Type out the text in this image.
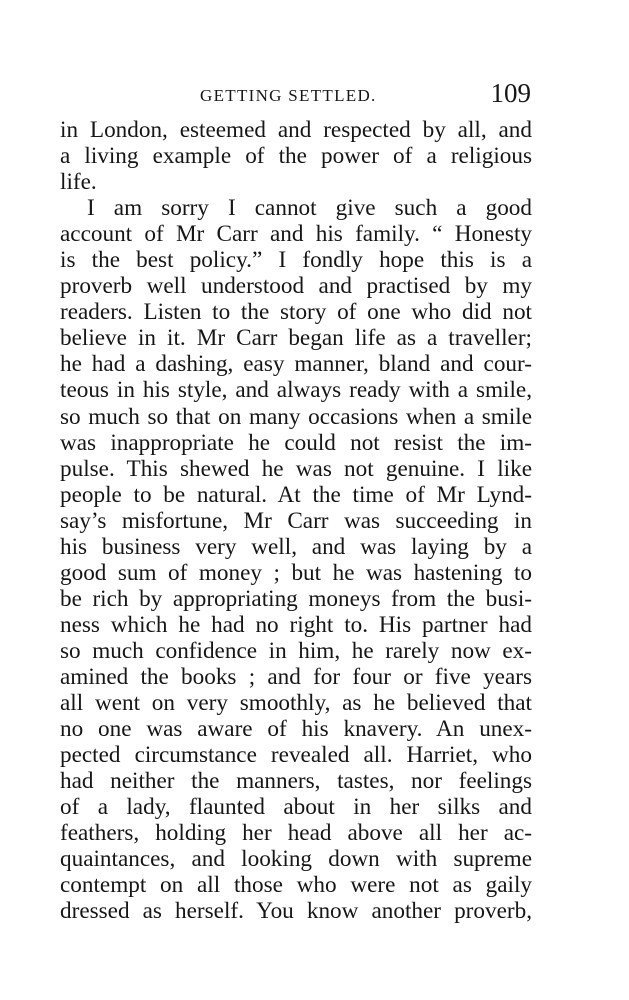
GETTING SETTLED.	109
in London, esteemed and respected by all, and
a living example of the power of a religious
life.
I am sorry I cannot give such a good
account of Mr Carr and his family. “ Honesty
is the best policy.” I fondly hope this is a
proverb well understood and practised by my
readers. Listen to the story of one who did not
believe in it. Mr Carr began life as a traveller;
he had a dashing, easy manner, bland and cour-
teous in his style, and always ready with a smile,
so much so that on many occasions when a smile
was inappropriate he could not resist the im-
pulse. This shewed he was not genuine. I like
people to be natural. At the time of Mr Lynd-
say’s misfortune, Mr Carr was succeeding in
his business very well, and was laying by a
good sum of money ; but he was hastening to
be rich by appropriating moneys from the busi-
ness which he had no right to. His partner had
so much confidence in him, he rarely now ex-
amined the books ; and for four or five years
all went on very smoothly, as he believed that
no one was aware of his knavery. An unex-
pected circumstance revealed all. Harriet, who
had neither the manners, tastes, nor feelings
of a lady, flaunted about in her silks and
feathers, holding her head above all her ac-
quaintances, and looking down with supreme
contempt on all those who were not as gaily
dressed as herself. You know another proverb,
